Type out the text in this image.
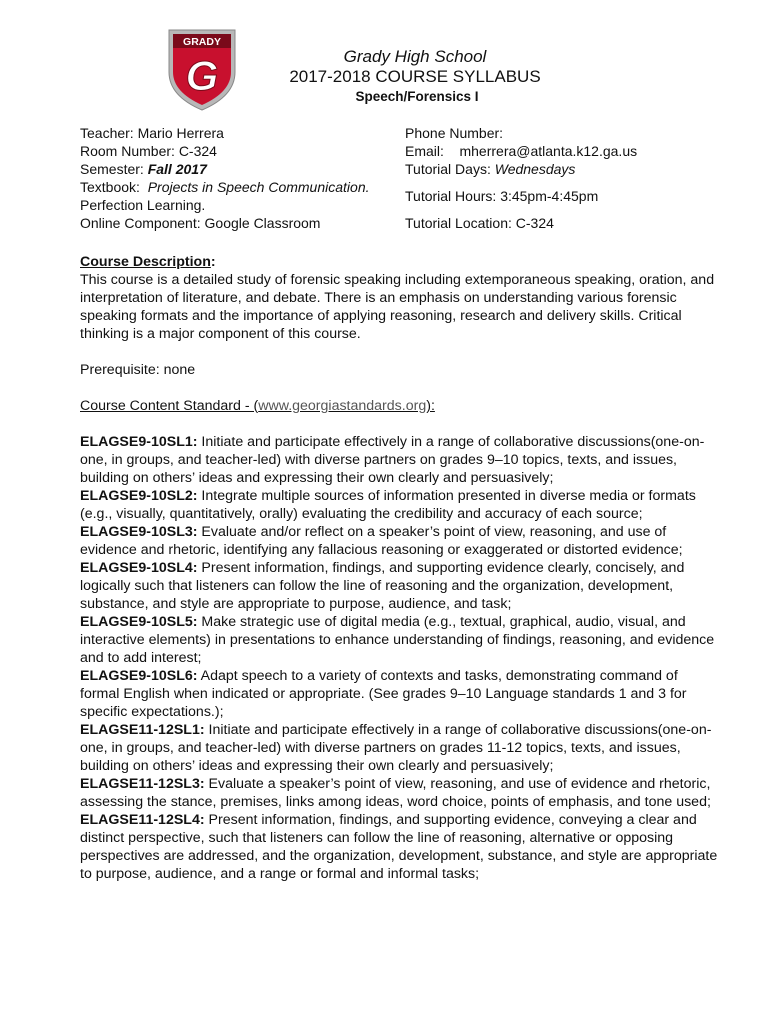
GRADY
G	Grady High School
2017-2018 COURSE SYLLABUS
Speech/Forensics I
Teacher: Mario Herrera
Room Number: C-324
Semester: Fall 2017
Textbook: Projects in Speech Communication. Perfection Learning.
Online Component: Google Classroom
Phone Number:
Email: mherrera@atlanta.k12.ga.us
Tutorial Days: Wednesdays
Tutorial Hours: 3:45pm-4:45pm
Tutorial Location: C-324

Course Description:

This course is a detailed study of forensic speaking including extemporaneous speaking, oration, and interpretation of literature, and debate. There is an emphasis on understanding various forensic speaking formats and the importance of applying reasoning, research and delivery skills. Critical thinking is a major component of this course.

Prerequisite: none

Course Content Standard - (www.georgiastandards.org):

ELAGSE9-10SL1: Initiate and participate effectively in a range of collaborative discussions(one-on-one, in groups, and teacher-led) with diverse partners on grades 9–10 topics, texts, and issues, building on others’ ideas and expressing their own clearly and persuasively;

ELAGSE9-10SL2: Integrate multiple sources of information presented in diverse media or formats (e.g., visually, quantitatively, orally) evaluating the credibility and accuracy of each source;

ELAGSE9-10SL3: Evaluate and/or reflect on a speaker’s point of view, reasoning, and use of evidence and rhetoric, identifying any fallacious reasoning or exaggerated or distorted evidence;

ELAGSE9-10SL4: Present information, findings, and supporting evidence clearly, concisely, and logically such that listeners can follow the line of reasoning and the organization, development, substance, and style are appropriate to purpose, audience, and task;

ELAGSE9-10SL5: Make strategic use of digital media (e.g., textual, graphical, audio, visual, and interactive elements) in presentations to enhance understanding of findings, reasoning, and evidence and to add interest;

ELAGSE9-10SL6: Adapt speech to a variety of contexts and tasks, demonstrating command of formal English when indicated or appropriate. (See grades 9–10 Language standards 1 and 3 for specific expectations.);

ELAGSE11-12SL1: Initiate and participate effectively in a range of collaborative discussions(one-on-one, in groups, and teacher-led) with diverse partners on grades 11-12 topics, texts, and issues, building on others’ ideas and expressing their own clearly and persuasively;

ELAGSE11-12SL3: Evaluate a speaker’s point of view, reasoning, and use of evidence and rhetoric, assessing the stance, premises, links among ideas, word choice, points of emphasis, and tone used;

ELAGSE11-12SL4: Present information, findings, and supporting evidence, conveying a clear and distinct perspective, such that listeners can follow the line of reasoning, alternative or opposing perspectives are addressed, and the organization, development, substance, and style are appropriate to purpose, audience, and a range or formal and informal tasks;
